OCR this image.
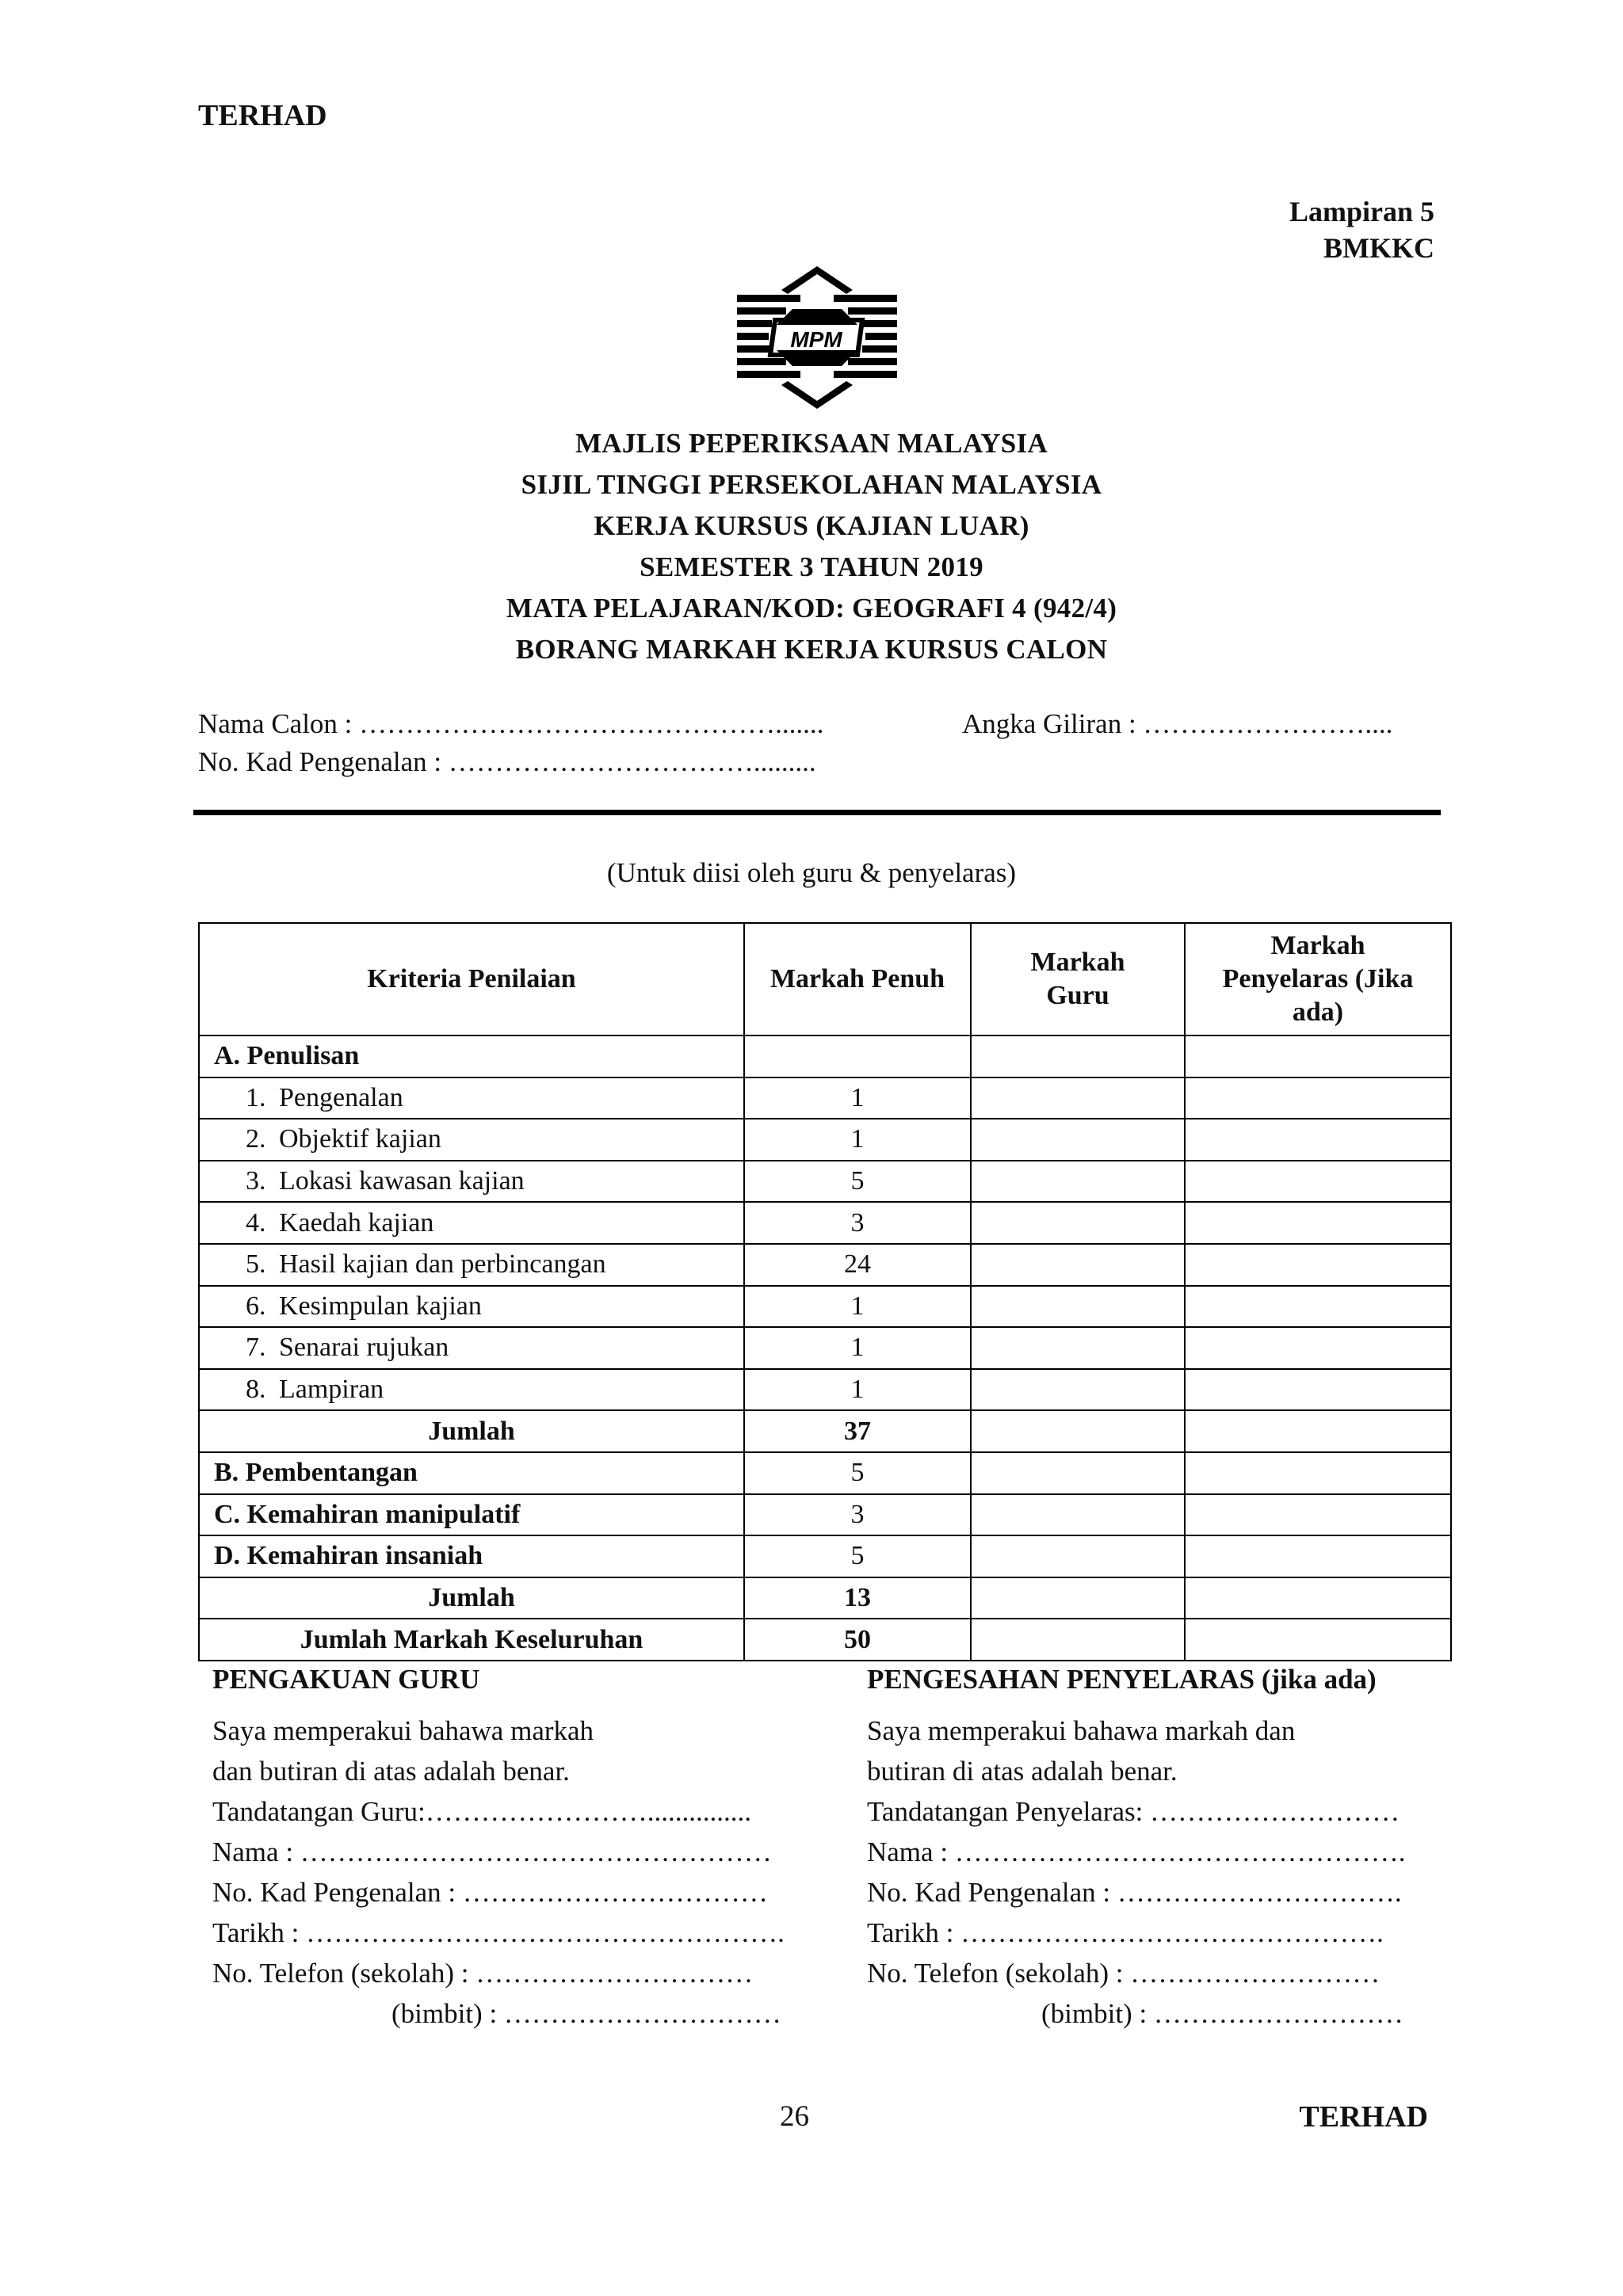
TERHAD
Lampiran 5
BMKKC
MPM
MAJLIS PEPERIKSAAN MALAYSIA
SIJIL TINGGI PERSEKOLAHAN MALAYSIA
KERJA KURSUS (KAJIAN LUAR)
SEMESTER 3 TAHUN 2019
MATA PELAJARAN/KOD: GEOGRAFI 4 (942/4)
BORANG MARKAH KERJA KURSUS CALON
Nama Calon : ……………………………………….......	Angka Giliran : ……………………....
No. Kad Pengenalan : …………………………….........
(Untuk diisi oleh guru & penyelaras)
Kriteria Penilaian	Markah Penuh	Markah Guru	Markah Penyelaras (Jika ada)
A. Penulisan			
1. Pengenalan	1		
2. Objektif kajian	1		
3. Lokasi kawasan kajian	5		
4. Kaedah kajian	3		
5. Hasil kajian dan perbincangan	24		
6. Kesimpulan kajian	1		
7. Senarai rujukan	1		
8. Lampiran	1		
Jumlah	37		
B. Pembentangan	5		
C. Kemahiran manipulatif	3		
D. Kemahiran insaniah	5		
Jumlah	13		
Jumlah Markah Keseluruhan	50		
PENGAKUAN GURU
Saya memperakui bahawa markah
dan butiran di atas adalah benar.
Tandatangan Guru:……………………...............
Nama : ……………………………………………
No. Kad Pengenalan : ……………………………
Tarikh : …………………………………………….
No. Telefon (sekolah) : …………………………
(bimbit) : …………………………
PENGESAHAN PENYELARAS (jika ada)
Saya memperakui bahawa markah dan
butiran di atas adalah benar.
Tandatangan Penyelaras: ………………………
Nama : ………………………………………….
No. Kad Pengenalan : ………………………….
Tarikh : ……………………………………….
No. Telefon (sekolah) : ………………………
(bimbit) : ………………………
26	TERHAD
